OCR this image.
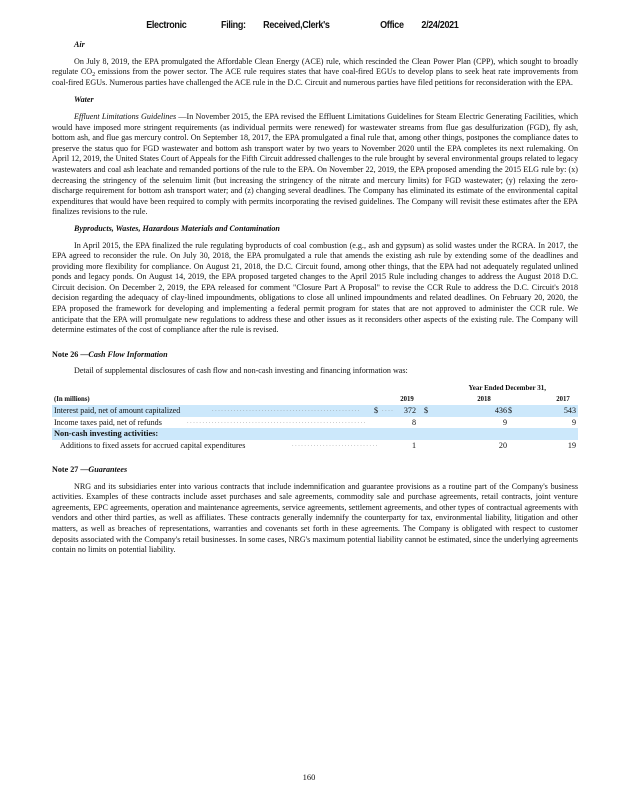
Electronic	Filing: Received,Clerk's	Office 2/24/2021
Air

On July 8, 2019, the EPA promulgated the Affordable Clean Energy (ACE) rule, which rescinded the Clean Power Plan (CPP), which sought to broadly regulate $CO_2$ emissions from the power sector. The ACE rule requires states that have coal-fired EGUs to develop plans to seek heat rate improvements from coal-fired EGUs. Numerous parties have challenged the ACE rule in the D.C. Circuit and numerous parties have filed petitions for reconsideration with the EPA.

Water

Effluent Limitations Guidelines —In November 2015, the EPA revised the Effluent Limitations Guidelines for Steam Electric Generating Facilities, which would have imposed more stringent requirements (as individual permits were renewed) for wastewater streams from flue gas desulfurization (FGD), fly ash, bottom ash, and flue gas mercury control. On September 18, 2017, the EPA promulgated a final rule that, among other things, postpones the compliance dates to preserve the status quo for FGD wastewater and bottom ash transport water by two years to November 2020 until the EPA completes its next rulemaking. On April 12, 2019, the United States Court of Appeals for the Fifth Circuit addressed challenges to the rule brought by several environmental groups related to legacy wastewaters and coal ash leachate and remanded portions of the rule to the EPA. On November 22, 2019, the EPA proposed amending the 2015 ELG rule by: (x) decreasing the stringency of the selenuim limit (but increasing the stringency of the nitrate and mercury limits) for FGD wastewater; (y) relaxing the zero-discharge requirement for bottom ash transport water; and (z) changing several deadlines. The Company has eliminated its estimate of the environmental capital expenditures that would have been required to comply with permits incorporating the revised guidelines. The Company will revisit these estimates after the EPA finalizes revisions to the rule.

Byproducts, Wastes, Hazardous Materials and Contamination

In April 2015, the EPA finalized the rule regulating byproducts of coal combustion (e.g., ash and gypsum) as solid wastes under the RCRA. In 2017, the EPA agreed to reconsider the rule. On July 30, 2018, the EPA promulgated a rule that amends the existing ash rule by extending some of the deadlines and providing more flexibility for compliance. On August 21, 2018, the D.C. Circuit found, among other things, that the EPA had not adequately regulated unlined ponds and legacy ponds. On August 14, 2019, the EPA proposed targeted changes to the April 2015 Rule including changes to address the August 2018 D.C. Circuit decision. On December 2, 2019, the EPA released for comment "Closure Part A Proposal" to revise the CCR Rule to address the D.C. Circuit's 2018 decision regarding the adequacy of clay-lined impoundments, obligations to close all unlined impoundments and related deadlines. On February 20, 2020, the EPA proposed the framework for developing and implementing a federal permit program for states that are not approved to administer the CCR rule. We anticipate that the EPA will promulgate new regulations to address these and other issues as it reconsiders other aspects of the existing rule. The Company will determine estimates of the cost of compliance after the rule is revised.

Note 26 —Cash Flow Information

Detail of supplemental disclosures of cash flow and non-cash investing and financing information was:

Year Ended December 31,
(In millions)	2019	2018	2017
Interest paid, net of amount capitalized	................................................	$ ....	372 $	436 $	543
Income taxes paid, net of refunds	..........................................................	8	9	9
Non-cash investing activities:
Additions to fixed assets for accrued capital expenditures	............................	1	20	19
Note 27 —Guarantees

NRG and its subsidiaries enter into various contracts that include indemnification and guarantee provisions as a routine part of the Company's business activities. Examples of these contracts include asset purchases and sale agreements, commodity sale and purchase agreements, retail contracts, joint venture agreements, EPC agreements, operation and maintenance agreements, service agreements, settlement agreements, and other types of contractual agreements with vendors and other third parties, as well as affiliates. These contracts generally indemnify the counterparty for tax, environmental liability, litigation and other matters, as well as breaches of representations, warranties and covenants set forth in these agreements. The Company is obligated with respect to customer deposits associated with the Company's retail businesses. In some cases, NRG's maximum potential liability cannot be estimated, since the underlying agreements contain no limits on potential liability.

160
